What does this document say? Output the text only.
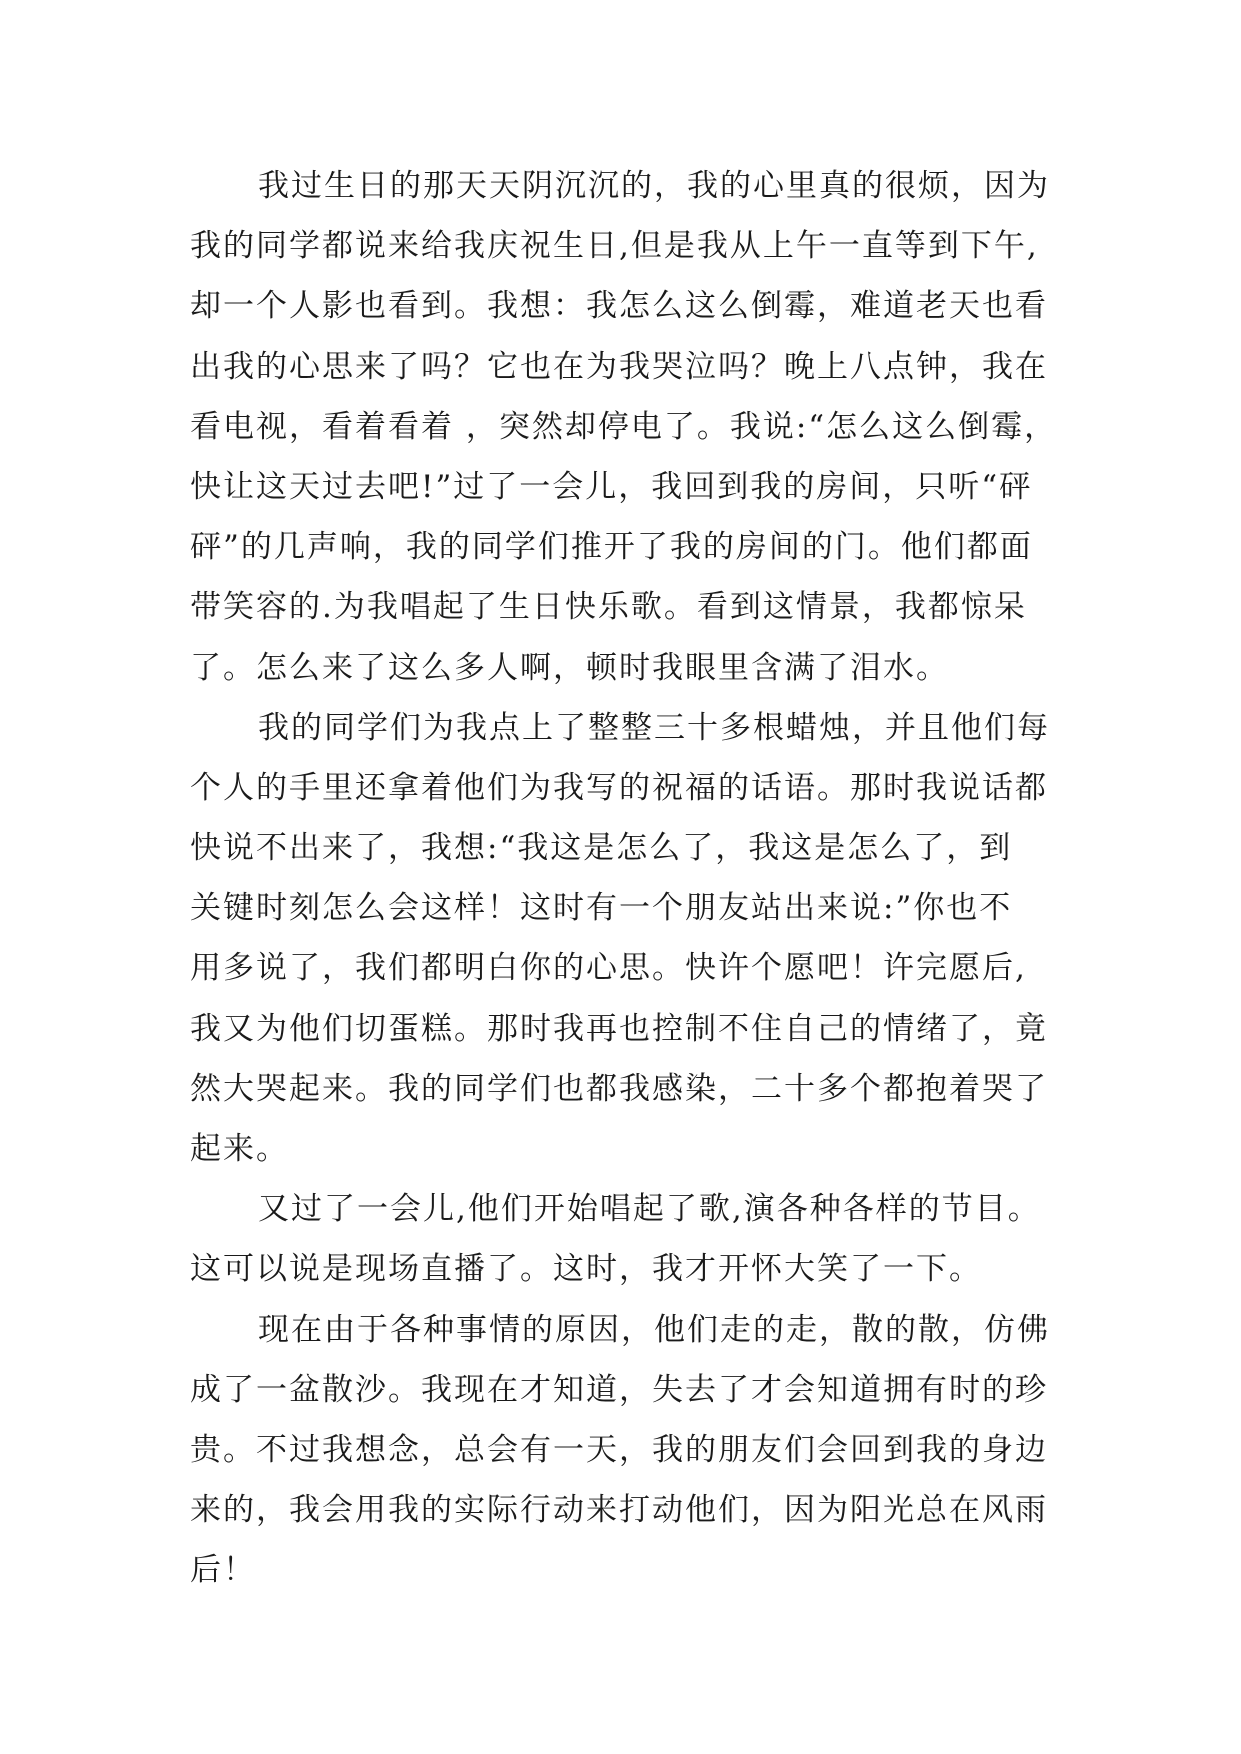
我过生日的那天天阴沉沉的，我的心里真的很烦，因为
我的同学都说来给我庆祝生日,但是我从上午一直等到下午,
却一个人影也看到。我想：我怎么这么倒霉，难道老天也看
出我的心思来了吗？它也在为我哭泣吗？晚上八点钟，我在
看电视，看着看着 ，突然却停电了。我说:“怎么这么倒霉，
快让这天过去吧!”过了一会儿，我回到我的房间，只听“砰
砰”的几声响，我的同学们推开了我的房间的门。他们都面
带笑容的.为我唱起了生日快乐歌。看到这情景，我都惊呆
了。怎么来了这么多人啊，顿时我眼里含满了泪水。
我的同学们为我点上了整整三十多根蜡烛，并且他们每
个人的手里还拿着他们为我写的祝福的话语。那时我说话都
快说不出来了，我想:“我这是怎么了，我这是怎么了，到
关键时刻怎么会这样！这时有一个朋友站出来说:”你也不
用多说了，我们都明白你的心思。快许个愿吧！许完愿后,
我又为他们切蛋糕。那时我再也控制不住自己的情绪了，竟
然大哭起来。我的同学们也都我感染，二十多个都抱着哭了
起来。
又过了一会儿,他们开始唱起了歌,演各种各样的节目。
这可以说是现场直播了。这时，我才开怀大笑了一下。
现在由于各种事情的原因，他们走的走，散的散，仿佛
成了一盆散沙。我现在才知道，失去了才会知道拥有时的珍
贵。不过我想念，总会有一天，我的朋友们会回到我的身边
来的，我会用我的实际行动来打动他们，因为阳光总在风雨
后！
